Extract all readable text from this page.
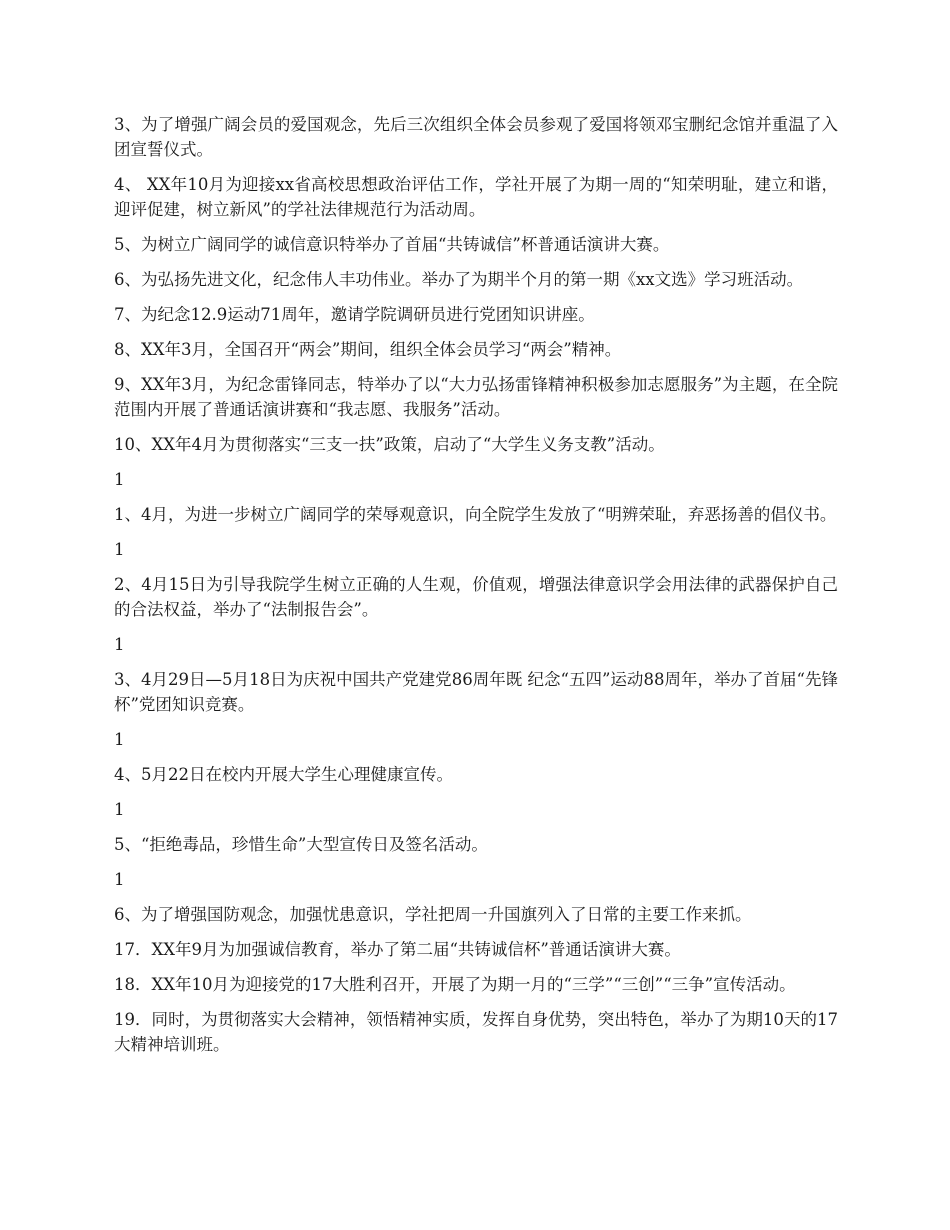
3、为了增强广阔会员的爱国观念，先后三次组织全体会员参观了爱国将领邓宝删纪念馆并重温了入团宣誓仪式。

4、 XX年10月为迎接xx省高校思想政治评估工作，学社开展了为期一周的“知荣明耻，建立和谐，迎评促建，树立新风”的学社法律规范行为活动周。

5、为树立广阔同学的诚信意识特举办了首届“共铸诚信”杯普通话演讲大赛。

6、为弘扬先进文化，纪念伟人丰功伟业。举办了为期半个月的第一期《xx文选》学习班活动。

7、为纪念12.9运动71周年，邀请学院调研员进行党团知识讲座。

8、XX年3月，全国召开“两会”期间，组织全体会员学习“两会”精神。

9、XX年3月，为纪念雷锋同志，特举办了以“大力弘扬雷锋精神积极参加志愿服务”为主题，在全院范围内开展了普通话演讲赛和“我志愿、我服务”活动。

10、XX年4月为贯彻落实“三支一扶”政策，启动了“大学生义务支教”活动。

1

1、4月，为进一步树立广阔同学的荣辱观意识，向全院学生发放了“明辨荣耻，弃恶扬善的倡仪书。

1

2、4月15日为引导我院学生树立正确的人生观，价值观，增强法律意识学会用法律的武器保护自己的合法权益，举办了“法制报告会”。

1

3、4月29日—5月18日为庆祝中国共产党建党86周年既 纪念“五四”运动88周年，举办了首届“先锋杯”党团知识竞赛。

1

4、5月22日在校内开展大学生心理健康宣传。

1

5、“拒绝毒品，珍惜生命”大型宣传日及签名活动。

1

6、为了增强国防观念，加强忧患意识，学社把周一升国旗列入了日常的主要工作来抓。

17．XX年9月为加强诚信教育，举办了第二届“共铸诚信杯”普通话演讲大赛。

18．XX年10月为迎接党的17大胜利召开，开展了为期一月的“三学”“三创”“三争”宣传活动。

19．同时，为贯彻落实大会精神，领悟精神实质，发挥自身优势，突出特色，举办了为期10天的17大精神培训班。
